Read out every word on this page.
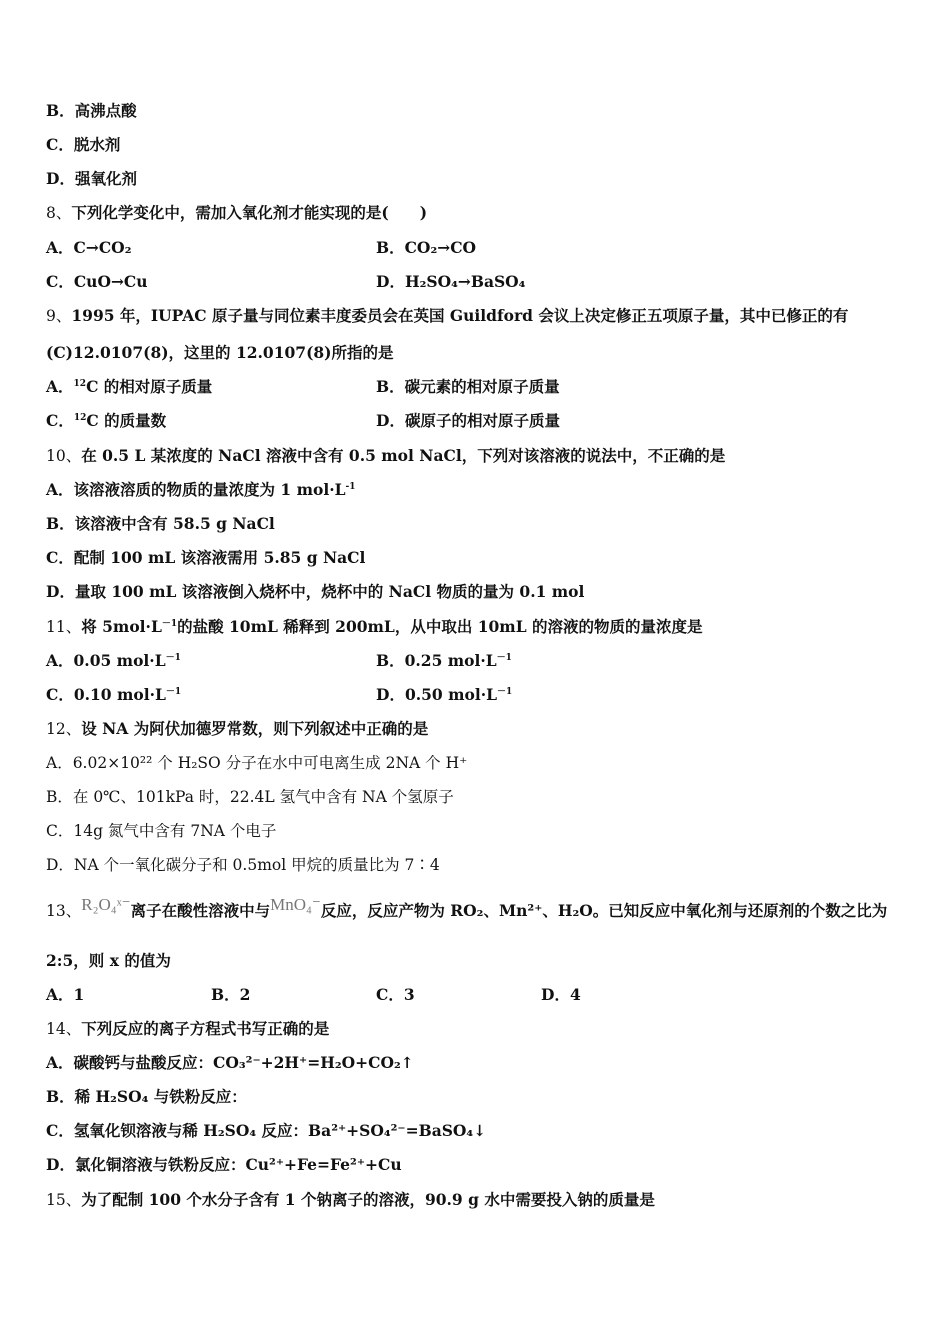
B．高沸点酸
C．脱水剂
D．强氧化剂
8、下列化学变化中，需加入氧化剂才能实现的是(　　)
A．C→CO₂	B．CO₂→CO
C．CuO→Cu	D．H₂SO₄→BaSO₄
9、1995 年，IUPAC 原子量与同位素丰度委员会在英国 Guildford 会议上决定修正五项原子量，其中已修正的有
(C)12.0107(8)，这里的 12.0107(8)所指的是
A．$^{12}$C 的相对原子质量	B．碳元素的相对原子质量
C．$^{12}$C 的质量数	D．碳原子的相对原子质量
10、在 0.5 L 某浓度的 NaCl 溶液中含有 0.5 mol NaCl，下列对该溶液的说法中，不正确的是
A．该溶液溶质的物质的量浓度为 1 $mol\cdot L^{-1}$
B．该溶液中含有 58.5 g NaCl
C．配制 100 mL 该溶液需用 5.85 g NaCl
D．量取 100 mL 该溶液倒入烧杯中，烧杯中的 NaCl 物质的量为 0.1 mol
11、将 $5mol\cdot L^{-1}$的盐酸 10mL 稀释到 200mL，从中取出 10mL 的溶液的物质的量浓度是
A．0.05 $mol\cdot L^{-1}$	B．0.25 $mol\cdot L^{-1}$
C．0.10 $mol\cdot L^{-1}$	D．0.50 $mol\cdot L^{-1}$
12、设 NA 为阿伏加德罗常数，则下列叙述中正确的是
A．6.02×10²² 个 H₂SO 分子在水中可电离生成 2NA 个 H⁺
B．在 0℃、101kPa 时，22.4L 氢气中含有 NA 个氢原子
C．14g 氮气中含有 7NA 个电子
D．NA 个一氧化碳分子和 0.5mol 甲烷的质量比为 7∶4
13、R₂O₄ˣ⁻离子在酸性溶液中与MnO₄⁻反应，反应产物为 RO₂、Mn²⁺、H₂O。已知反应中氧化剂与还原剂的个数之比为
2:5，则 x 的值为
A．1	B．2	C．3	D．4
14、下列反应的离子方程式书写正确的是
A．碳酸钙与盐酸反应：CO₃²⁻+2H⁺=H₂O+CO₂↑
B．稀 H₂SO₄ 与铁粉反应：
C．氢氧化钡溶液与稀 H₂SO₄ 反应：Ba²⁺+SO₄²⁻=BaSO₄↓
D．氯化铜溶液与铁粉反应：Cu²⁺+Fe=Fe²⁺+Cu
15、为了配制 100 个水分子含有 1 个钠离子的溶液，90.9 g 水中需要投入钠的质量是
